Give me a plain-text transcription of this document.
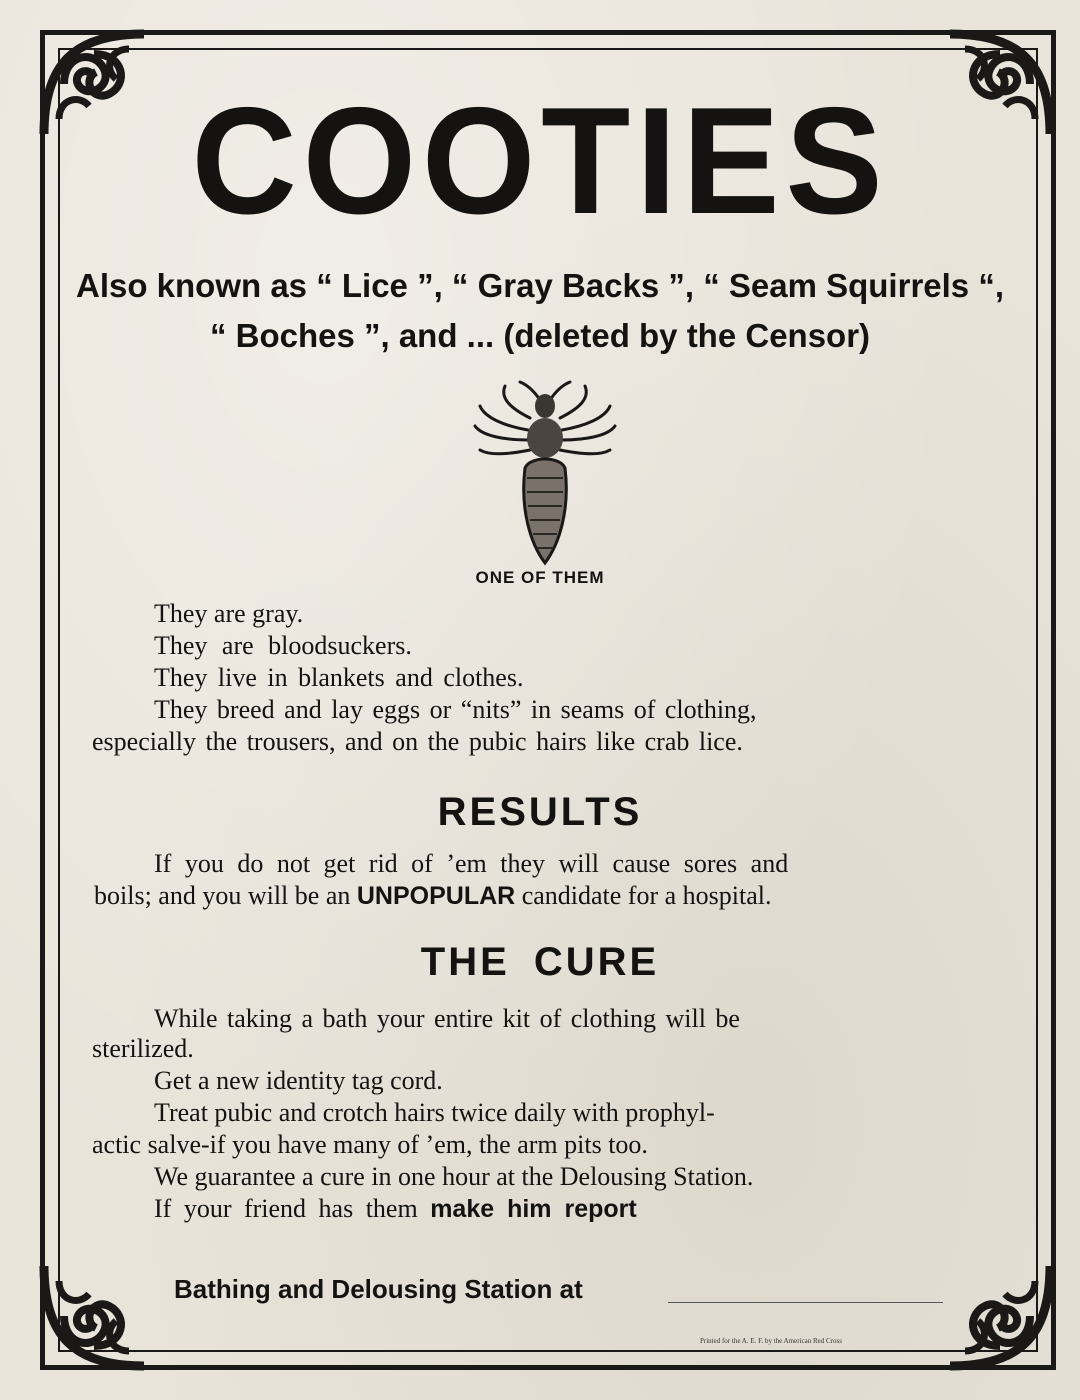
COOTIES
Also known as “ Lice ”, “ Gray Backs ”, “ Seam Squirrels “,
“ Boches ”, and ... (deleted by the Censor)
ONE OF THEM
They are gray.
They are bloodsuckers.
They live in blankets and clothes.
They breed and lay eggs or “nits” in seams of clothing,
especially the trousers, and on the pubic hairs like crab lice.
RESULTS
If you do not get rid of ’em they will cause sores and
boils; and you will be an UNPOPULAR candidate for a hospital.
THE CURE
While taking a bath your entire kit of clothing will be
sterilized.
Get a new identity tag cord.
Treat pubic and crotch hairs twice daily with prophyl-
actic salve-if you have many of ’em, the arm pits too.
We guarantee a cure in one hour at the Delousing Station.
If your friend has them make him report
Bathing and Delousing Station at
Printed for the A. E. F. by the American Red Cross
